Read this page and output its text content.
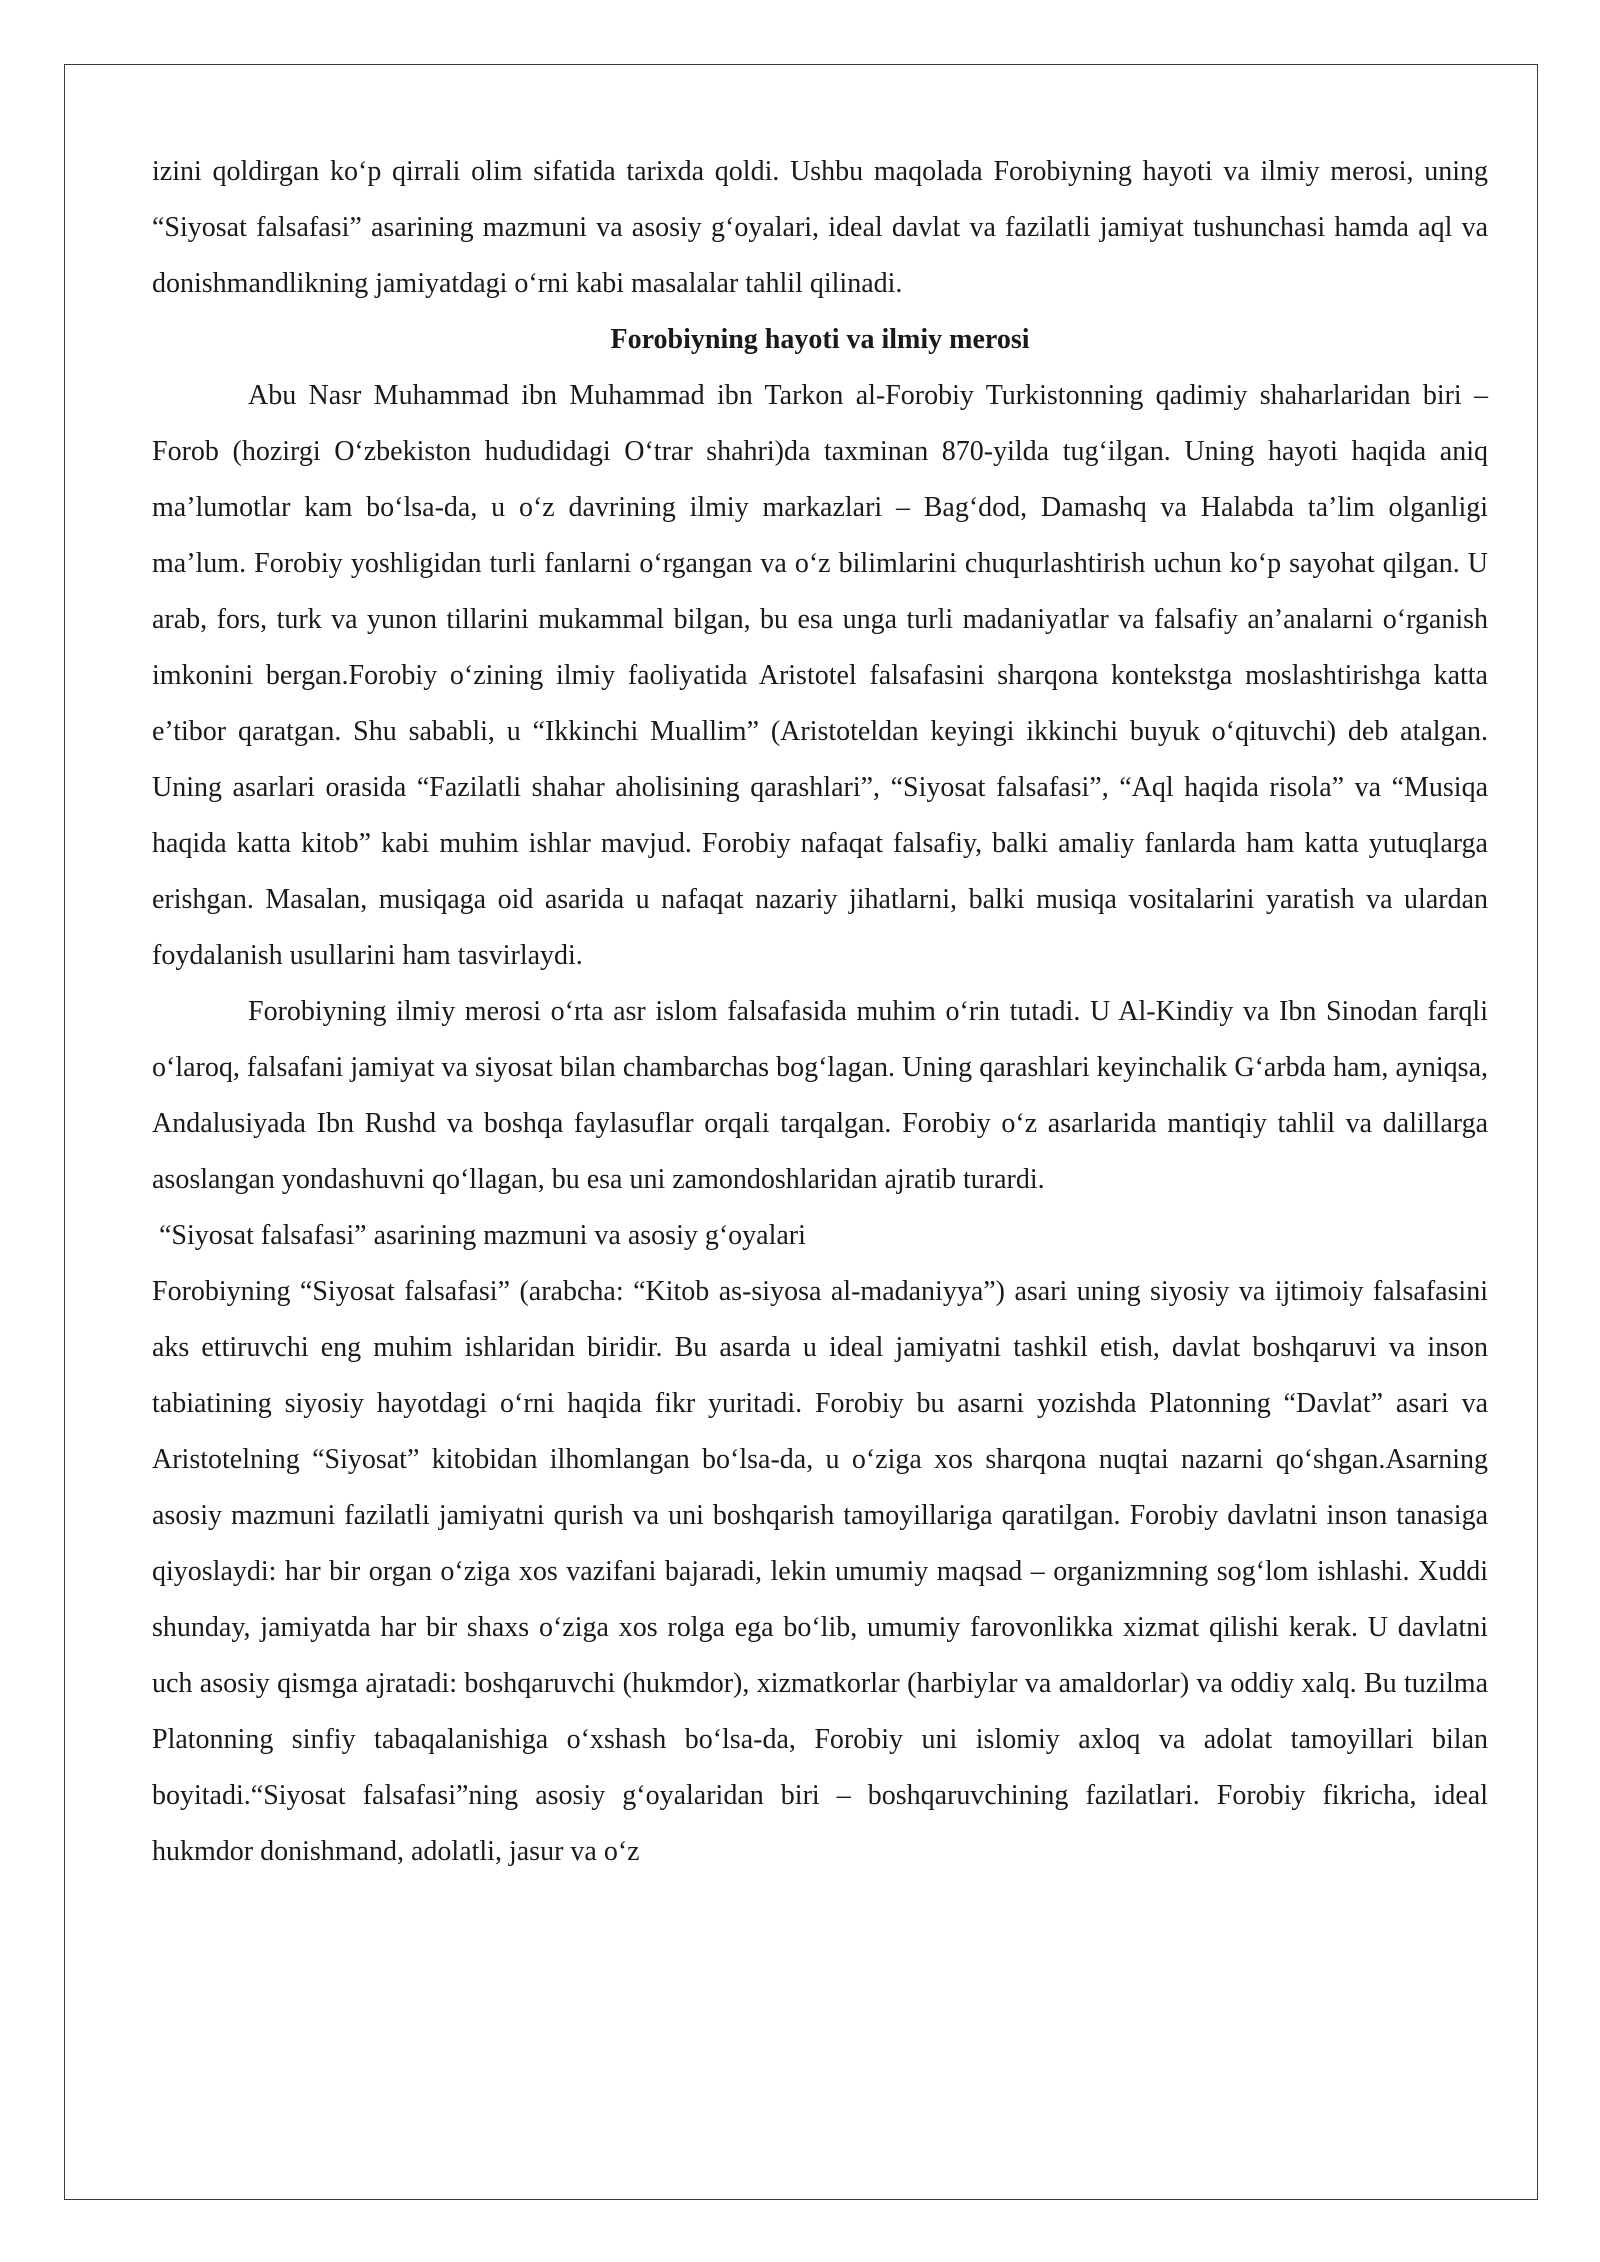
izini qoldirgan ko‘p qirrali olim sifatida tarixda qoldi. Ushbu maqolada Forobiyning hayoti va ilmiy merosi, uning “Siyosat falsafasi” asarining mazmuni va asosiy g‘oyalari, ideal davlat va fazilatli jamiyat tushunchasi hamda aql va donishmandlikning jamiyatdagi o‘rni kabi masalalar tahlil qilinadi.

Forobiyning hayoti va ilmiy merosi

Abu Nasr Muhammad ibn Muhammad ibn Tarkon al-Forobiy Turkistonning qadimiy shaharlaridan biri – Forob (hozirgi O‘zbekiston hududidagi O‘trar shahri)da taxminan 870-yilda tug‘ilgan. Uning hayoti haqida aniq ma’lumotlar kam bo‘lsa-da, u o‘z davrining ilmiy markazlari – Bag‘dod, Damashq va Halabda ta’lim olganligi ma’lum. Forobiy yoshligidan turli fanlarni o‘rgangan va o‘z bilimlarini chuqurlashtirish uchun ko‘p sayohat qilgan. U arab, fors, turk va yunon tillarini mukammal bilgan, bu esa unga turli madaniyatlar va falsafiy an’analarni o‘rganish imkonini bergan.Forobiy o‘zining ilmiy faoliyatida Aristotel falsafasini sharqona kontekstga moslashtirishga katta e’tibor qaratgan. Shu sababli, u “Ikkinchi Muallim” (Aristoteldan keyingi ikkinchi buyuk o‘qituvchi) deb atalgan. Uning asarlari orasida “Fazilatli shahar aholisining qarashlari”, “Siyosat falsafasi”, “Aql haqida risola” va “Musiqa haqida katta kitob” kabi muhim ishlar mavjud. Forobiy nafaqat falsafiy, balki amaliy fanlarda ham katta yutuqlarga erishgan. Masalan, musiqaga oid asarida u nafaqat nazariy jihatlarni, balki musiqa vositalarini yaratish va ulardan foydalanish usullarini ham tasvirlaydi.

Forobiyning ilmiy merosi o‘rta asr islom falsafasida muhim o‘rin tutadi. U Al-Kindiy va Ibn Sinodan farqli o‘laroq, falsafani jamiyat va siyosat bilan chambarchas bog‘lagan. Uning qarashlari keyinchalik G‘arbda ham, ayniqsa, Andalusiyada Ibn Rushd va boshqa faylasuflar orqali tarqalgan. Forobiy o‘z asarlarida mantiqiy tahlil va dalillarga asoslangan yondashuvni qo‘llagan, bu esa uni zamondoshlaridan ajratib turardi.

“Siyosat falsafasi” asarining mazmuni va asosiy g‘oyalari

Forobiyning “Siyosat falsafasi” (arabcha: “Kitob as-siyosa al-madaniyya”) asari uning siyosiy va ijtimoiy falsafasini aks ettiruvchi eng muhim ishlaridan biridir. Bu asarda u ideal jamiyatni tashkil etish, davlat boshqaruvi va inson tabiatining siyosiy hayotdagi o‘rni haqida fikr yuritadi. Forobiy bu asarni yozishda Platonning “Davlat” asari va Aristotelning “Siyosat” kitobidan ilhomlangan bo‘lsa-da, u o‘ziga xos sharqona nuqtai nazarni qo‘shgan.Asarning asosiy mazmuni fazilatli jamiyatni qurish va uni boshqarish tamoyillariga qaratilgan. Forobiy davlatni inson tanasiga qiyoslaydi: har bir organ o‘ziga xos vazifani bajaradi, lekin umumiy maqsad – organizmning sog‘lom ishlashi. Xuddi shunday, jamiyatda har bir shaxs o‘ziga xos rolga ega bo‘lib, umumiy farovonlikka xizmat qilishi kerak. U davlatni uch asosiy qismga ajratadi: boshqaruvchi (hukmdor), xizmatkorlar (harbiylar va amaldorlar) va oddiy xalq. Bu tuzilma Platonning sinfiy tabaqalanishiga o‘xshash bo‘lsa-da, Forobiy uni islomiy axloq va adolat tamoyillari bilan boyitadi.“Siyosat falsafasi”ning asosiy g‘oyalaridan biri – boshqaruvchining fazilatlari. Forobiy fikricha, ideal hukmdor donishmand, adolatli, jasur va o‘z
